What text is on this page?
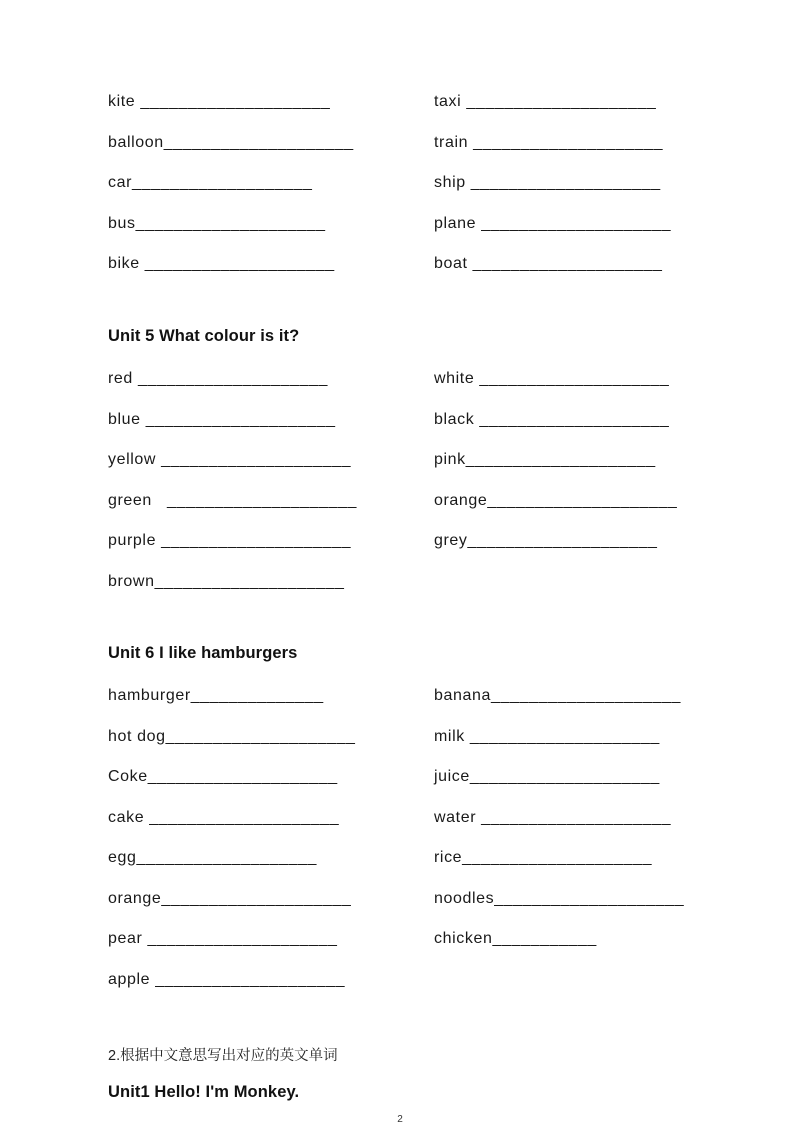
kite ____________________	taxi ____________________
balloon____________________	train ____________________
car___________________	ship ____________________
bus____________________	plane ____________________
bike ____________________	boat ____________________
Unit 5 What colour is it?
red ____________________	white ____________________
blue ____________________	black ____________________
yellow ____________________	pink____________________
green   ____________________	orange____________________
purple ____________________	grey____________________
brown____________________
Unit 6 I like hamburgers
hamburger______________	banana____________________
hot dog____________________	milk ____________________
Coke____________________	juice____________________
cake ____________________	water ____________________
egg___________________	rice____________________
orange____________________	noodles____________________
pear ____________________	chicken___________
apple ____________________
2.根据中文意思写出对应的英文单词
Unit1 Hello! I'm Monkey.
2
